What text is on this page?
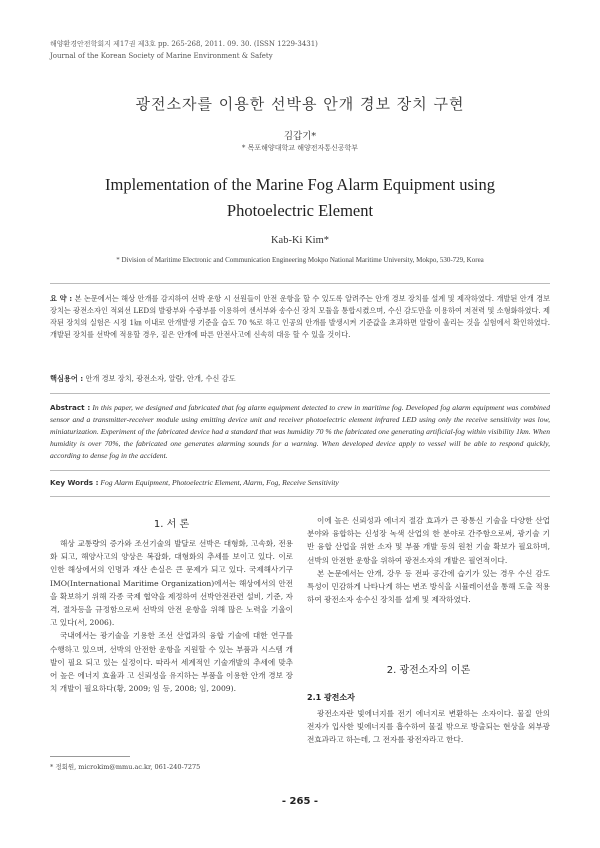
해양환경안전학회지 제17권 제3호 pp. 265-268, 2011. 09. 30. (ISSN 1229-3431)
Journal of the Korean Society of Marine Environment & Safety
광전소자를 이용한 선박용 안개 경보 장치 구현
김갑기*
* 목포해양대학교 해양전자통신공학부
Implementation of the Marine Fog Alarm Equipment using
Photoelectric Element
Kab-Ki Kim*
* Division of Maritime Electronic and Communication Engineering Mokpo National Maritime University, Mokpo, 530-729, Korea
요 약 : 본 논문에서는 해상 안개를 감지하여 선박 운항 시 선원들이 안전 운항을 할 수 있도록 알려주는 안개 경보 장치를 설계 및 제작하였다. 개발된 안개 경보 장치는 광전소자인 적외선 LED의 발광부와 수광부를 이용하여 센서부와 송수신 장치 모듈을 통합시켰으며, 수신 감도만을 이용하여 저전력 및 소형화하였다. 제작된 장치의 실험은 시정 1㎞ 이내로 안개발생 기준을 습도 70 %로 하고 인공의 안개를 발생시켜 기준값을 초과하면 알람이 울리는 것을 실험에서 확인하였다. 개발된 장치를 선박에 적용할 경우, 짙은 안개에 따른 안전사고에 신속히 대응 할 수 있을 것이다.
핵심용어 : 안개 경보 장치, 광전소자, 알람, 안개, 수신 감도
Abstract : In this paper, we designed and fabricated that fog alarm equipment detected to crew in maritime fog. Developed fog alarm equipment was combined sensor and a transmitter-receiver module using emitting device unit and receiver photoelectric element infrared LED using only the receive sensitivity was low, miniaturization. Experiment of the fabricated device had a standard that was humidity 70 % the fabricated one generating artificial-fog within visibility 1km. When humidity is over 70%, the fabricated one generates alarming sounds for a warning. When developed device apply to vessel will be able to respond quickly, according to dense fog in the accident.
Key Words : Fog Alarm Equipment, Photoelectric Element, Alarm, Fog, Receive Sensitivity
1. 서 론

해상 교통량의 증가와 조선기술의 발달로 선박은 대형화, 고속화, 전용화 되고, 해양사고의 양상은 복잡화, 대형화의 추세를 보이고 있다. 이로 인한 해상에서의 인명과 재산 손실은 큰 문제가 되고 있다. 국제해사기구 IMO(International Maritime Organization)에서는 해상에서의 안전을 확보하기 위해 각종 국제 협약을 제정하여 선박안전관련 설비, 기준, 자격, 절차등을 규정함으로써 선박의 안전 운항을 위해 많은 노력을 기울이고 있다(서, 2006).

국내에서는 광기술을 기용한 조선 산업과의 융합 기술에 대한 연구를 수행하고 있으며, 선박의 안전한 운항을 지원할 수 있는 부품과 시스템 개발이 필요 되고 있는 실정이다. 따라서 세계적인 기술개발의 추세에 맞추어 높은 에너지 효율과 고 신뢰성을 유지하는 부품을 이용한 안개 경보 장치 개발이 필요하다(황, 2009; 임 등, 2008; 임, 2009).

이에 높은 신뢰성과 에너지 절감 효과가 큰 광통신 기술을 다양한 산업 분야와 융합하는 신성장 녹색 산업의 한 분야로 간주함으로써, 광기술 기반 융합 산업을 위한 소자 및 부품 개발 등의 원천 기술 확보가 필요하며, 선박의 안전한 운항을 위하여 광전소자의 개발은 필연적이다.

본 논문에서는 안개, 강우 등 전파 공간에 습기가 있는 경우 수신 감도 특성이 민감하게 나타나게 하는 변조 방식을 시뮬레이션을 통해 도출 적용하여 광전소자 송수신 장치를 설계 및 제작하였다.

2. 광전소자의 이론
2.1 광전소자

광전소자란 빛에너지를 전기 에너지로 변환하는 소자이다. 물질 안의 전자가 입사한 빛에너지를 흡수하여 물질 밖으로 방출되는 현상을 외부광전효과라고 하는데, 그 전자를 광전자라고 한다.

* 정회원, microkim@mmu.ac.kr, 061-240-7275
- 265 -
